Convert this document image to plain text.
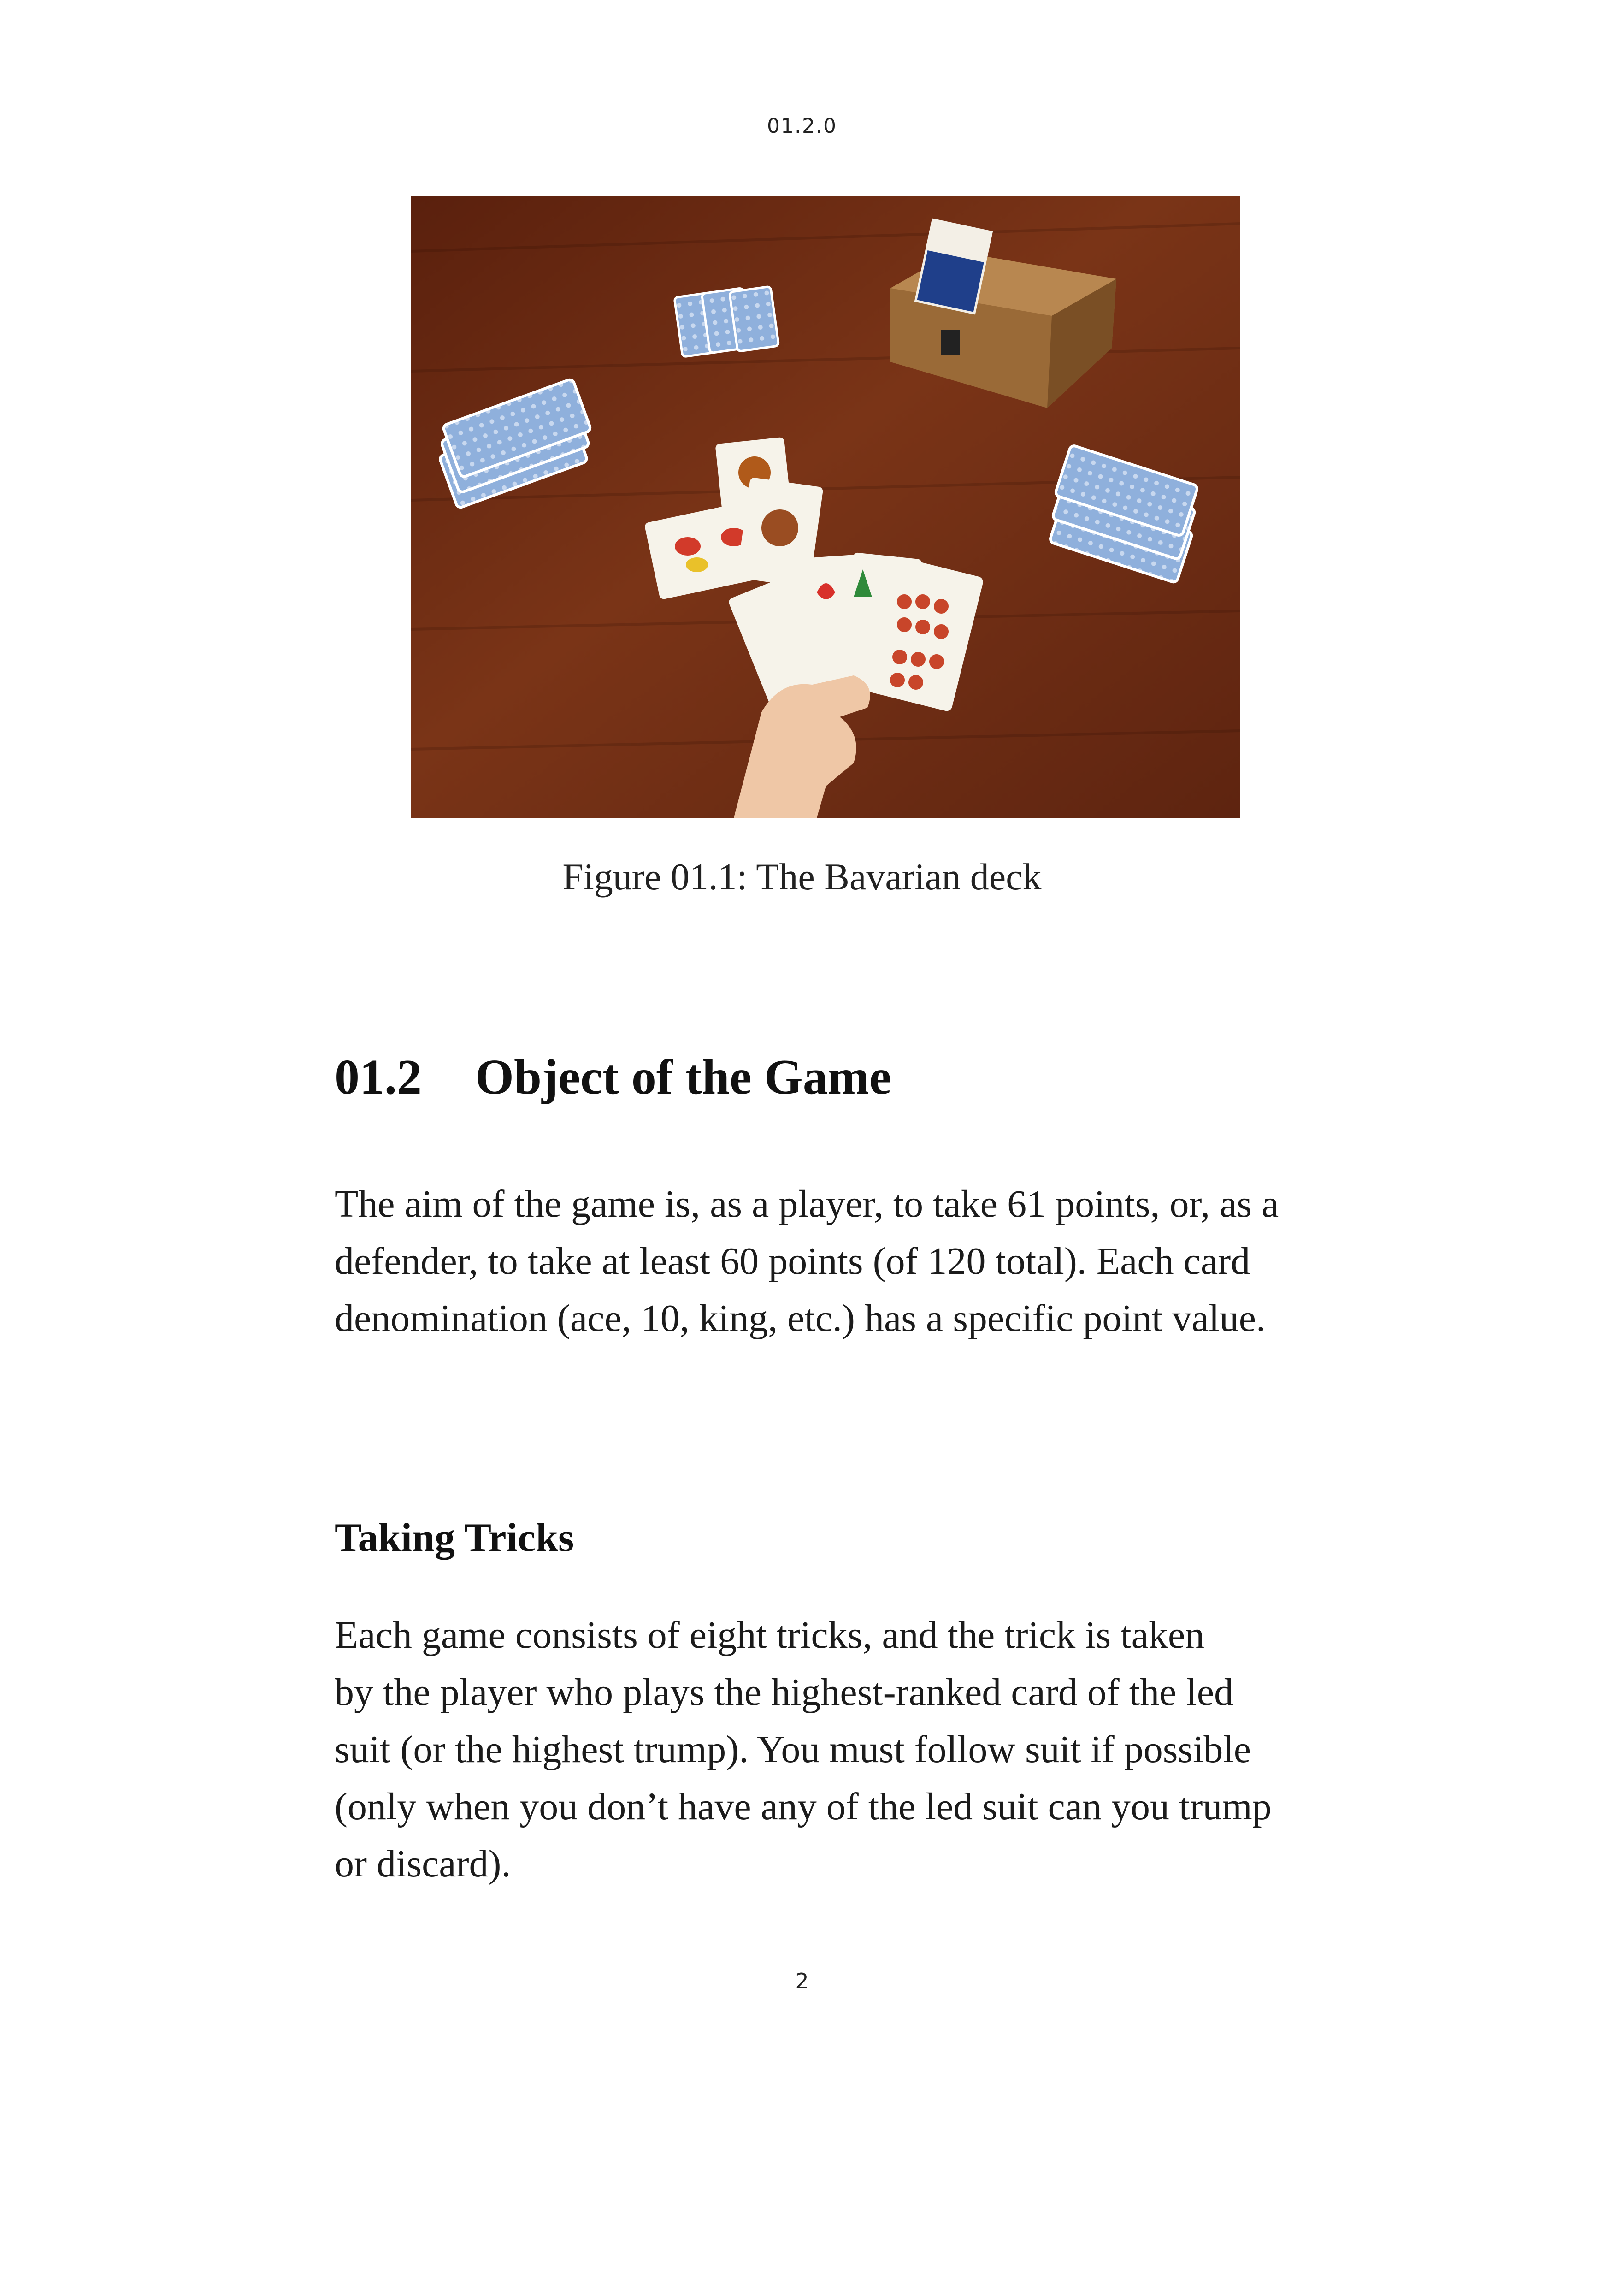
01.2.0
Figure 01.1: The Bavarian deck
01.2 Object of the Game
The aim of the game is, as a player, to take 61 points, or, as a
defender, to take at least 60 points (of 120 total). Each card
denomination (ace, 10, king, etc.) has a specific point value.
Taking Tricks
Each game consists of eight tricks, and the trick is taken
by the player who plays the highest-ranked card of the led
suit (or the highest trump). You must follow suit if possible
(only when you don’t have any of the led suit can you trump
or discard).
2
